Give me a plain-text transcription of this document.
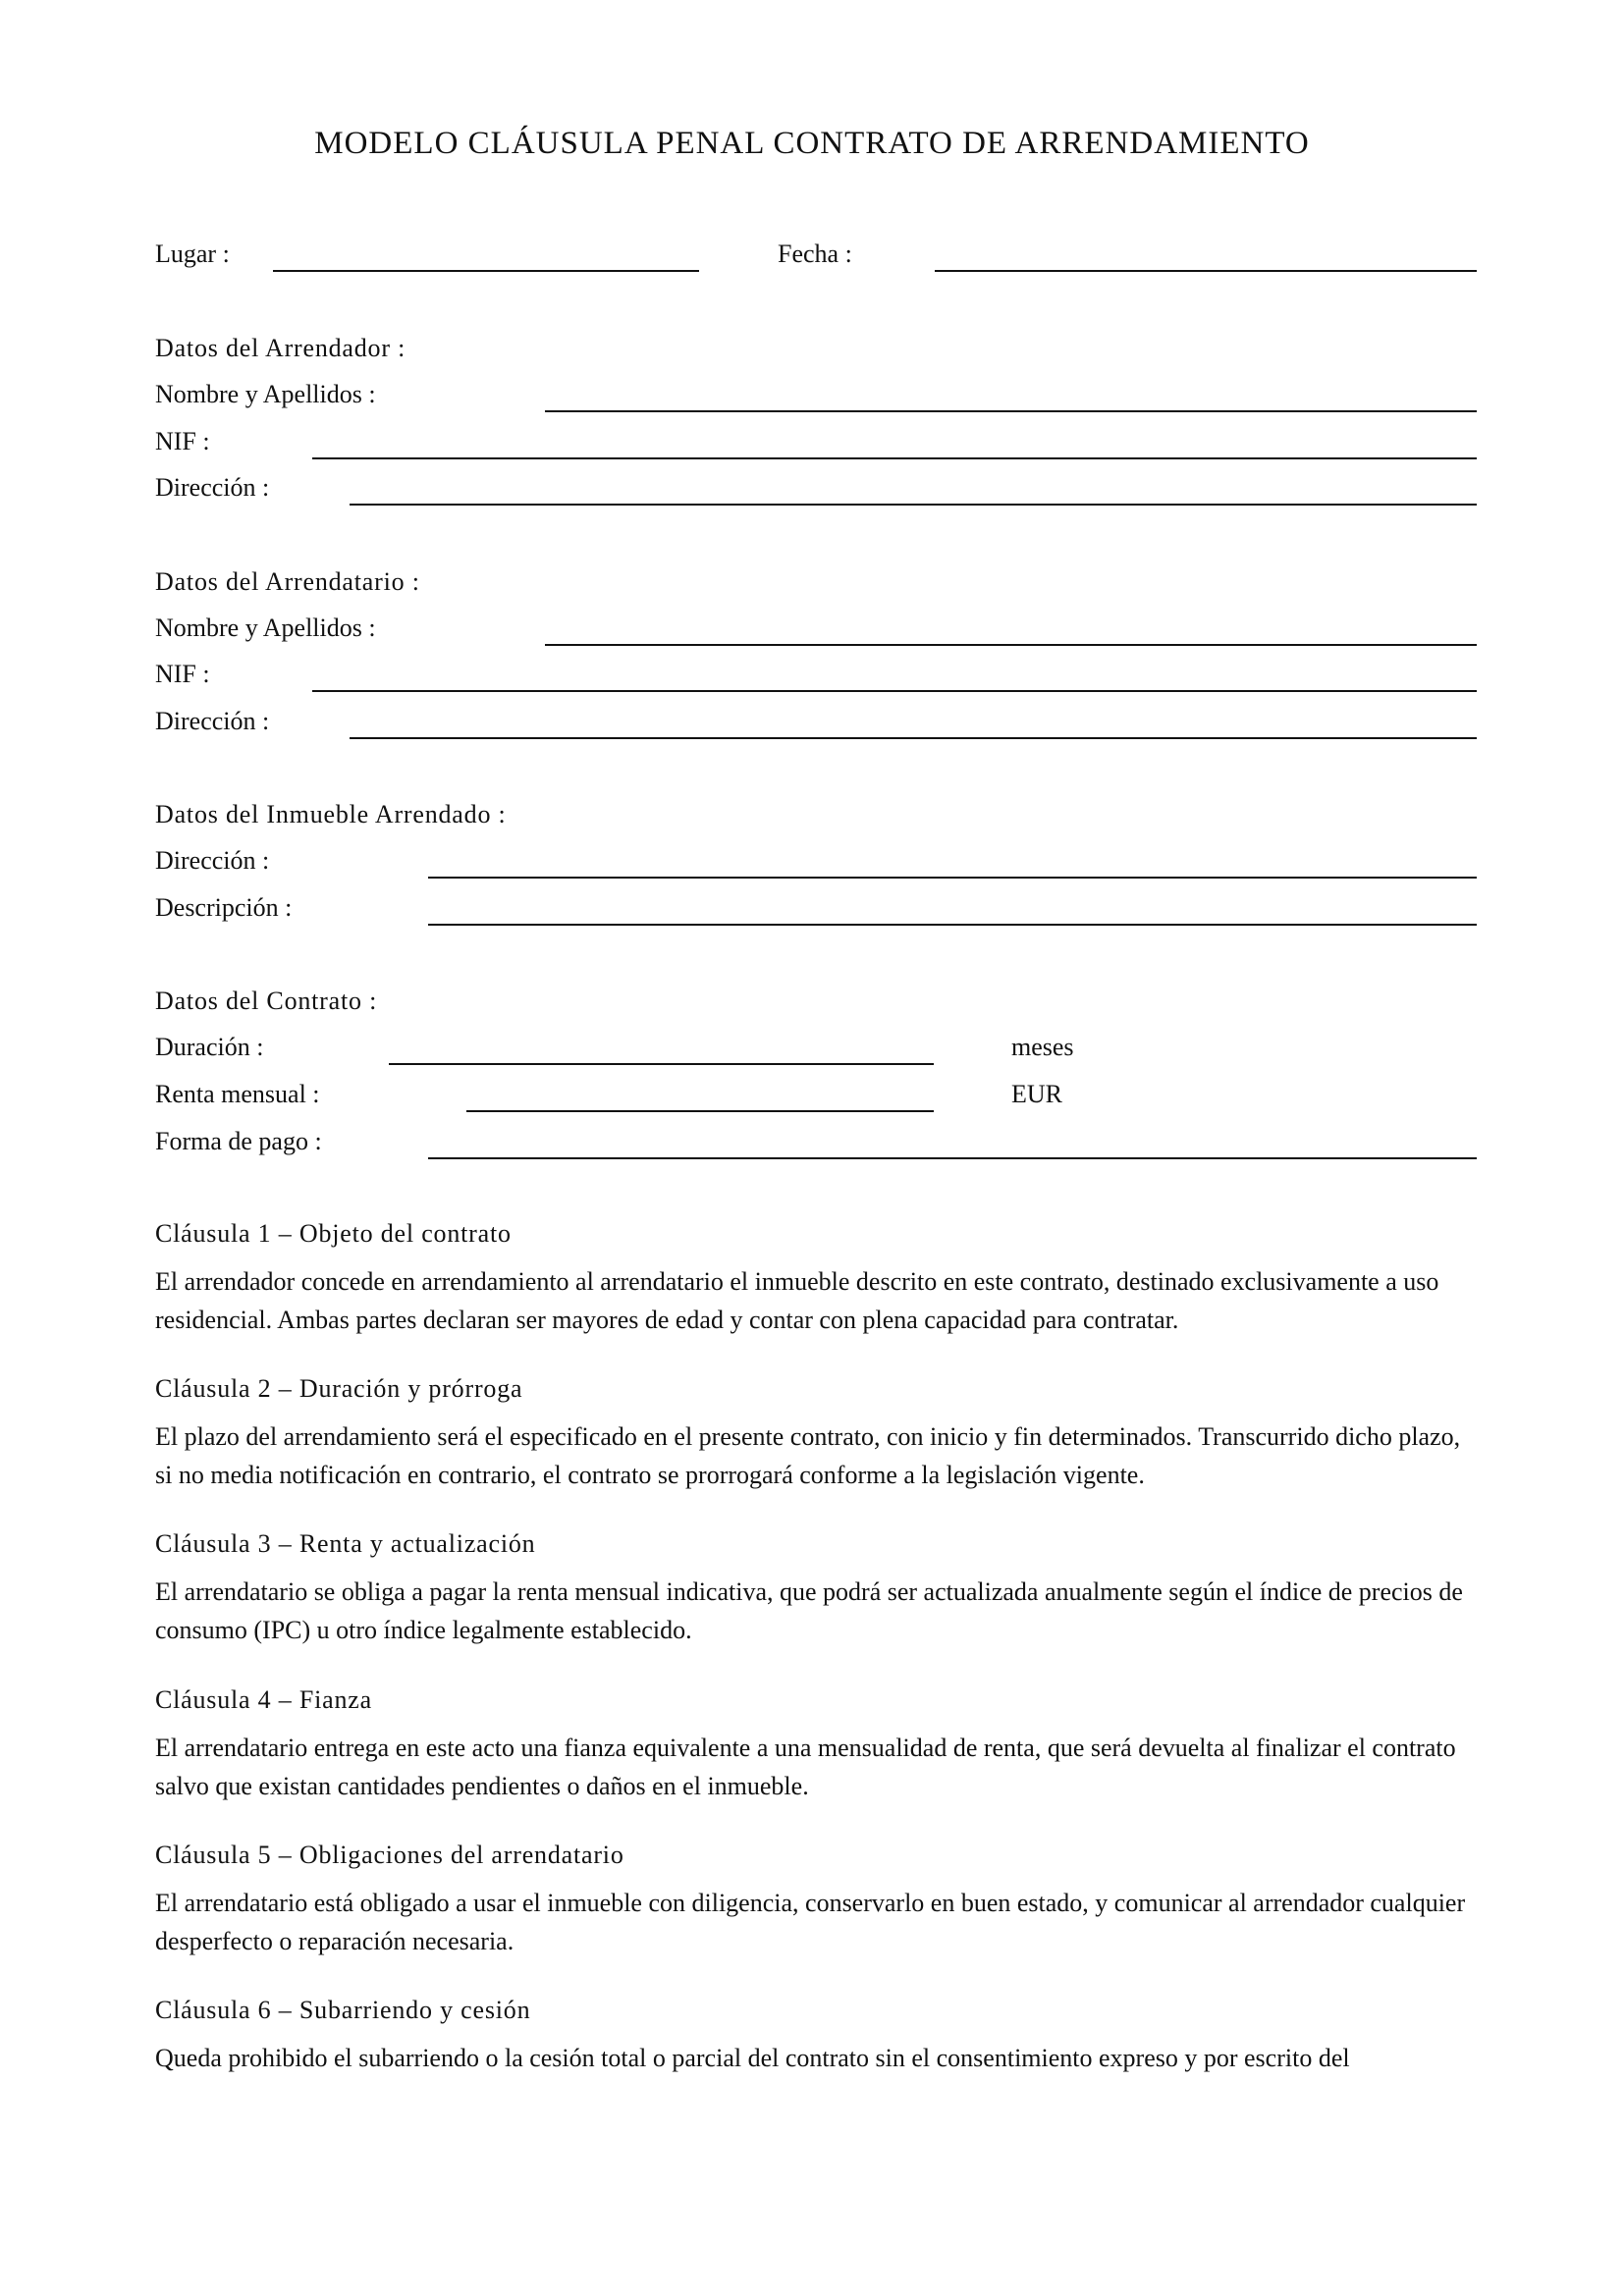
MODELO CLÁUSULA PENAL CONTRATO DE ARRENDAMIENTO
Lugar :	Fecha :
Datos del Arrendador :
Nombre y Apellidos :
NIF :
Dirección :
Datos del Arrendatario :
Nombre y Apellidos :
NIF :
Dirección :
Datos del Inmueble Arrendado :
Dirección :
Descripción :
Datos del Contrato :
Duración :	meses
Renta mensual :	EUR
Forma de pago :
Cláusula 1 – Objeto del contrato
El arrendador concede en arrendamiento al arrendatario el inmueble descrito en este contrato, destinado exclusivamente a uso residencial. Ambas partes declaran ser mayores de edad y contar con plena capacidad para contratar.
Cláusula 2 – Duración y prórroga
El plazo del arrendamiento será el especificado en el presente contrato, con inicio y fin determinados. Transcurrido dicho plazo, si no media notificación en contrario, el contrato se prorrogará conforme a la legislación vigente.
Cláusula 3 – Renta y actualización
El arrendatario se obliga a pagar la renta mensual indicativa, que podrá ser actualizada anualmente según el índice de precios de consumo (IPC) u otro índice legalmente establecido.
Cláusula 4 – Fianza
El arrendatario entrega en este acto una fianza equivalente a una mensualidad de renta, que será devuelta al finalizar el contrato salvo que existan cantidades pendientes o daños en el inmueble.
Cláusula 5 – Obligaciones del arrendatario
El arrendatario está obligado a usar el inmueble con diligencia, conservarlo en buen estado, y comunicar al arrendador cualquier desperfecto o reparación necesaria.
Cláusula 6 – Subarriendo y cesión
Queda prohibido el subarriendo o la cesión total o parcial del contrato sin el consentimiento expreso y por escrito del
